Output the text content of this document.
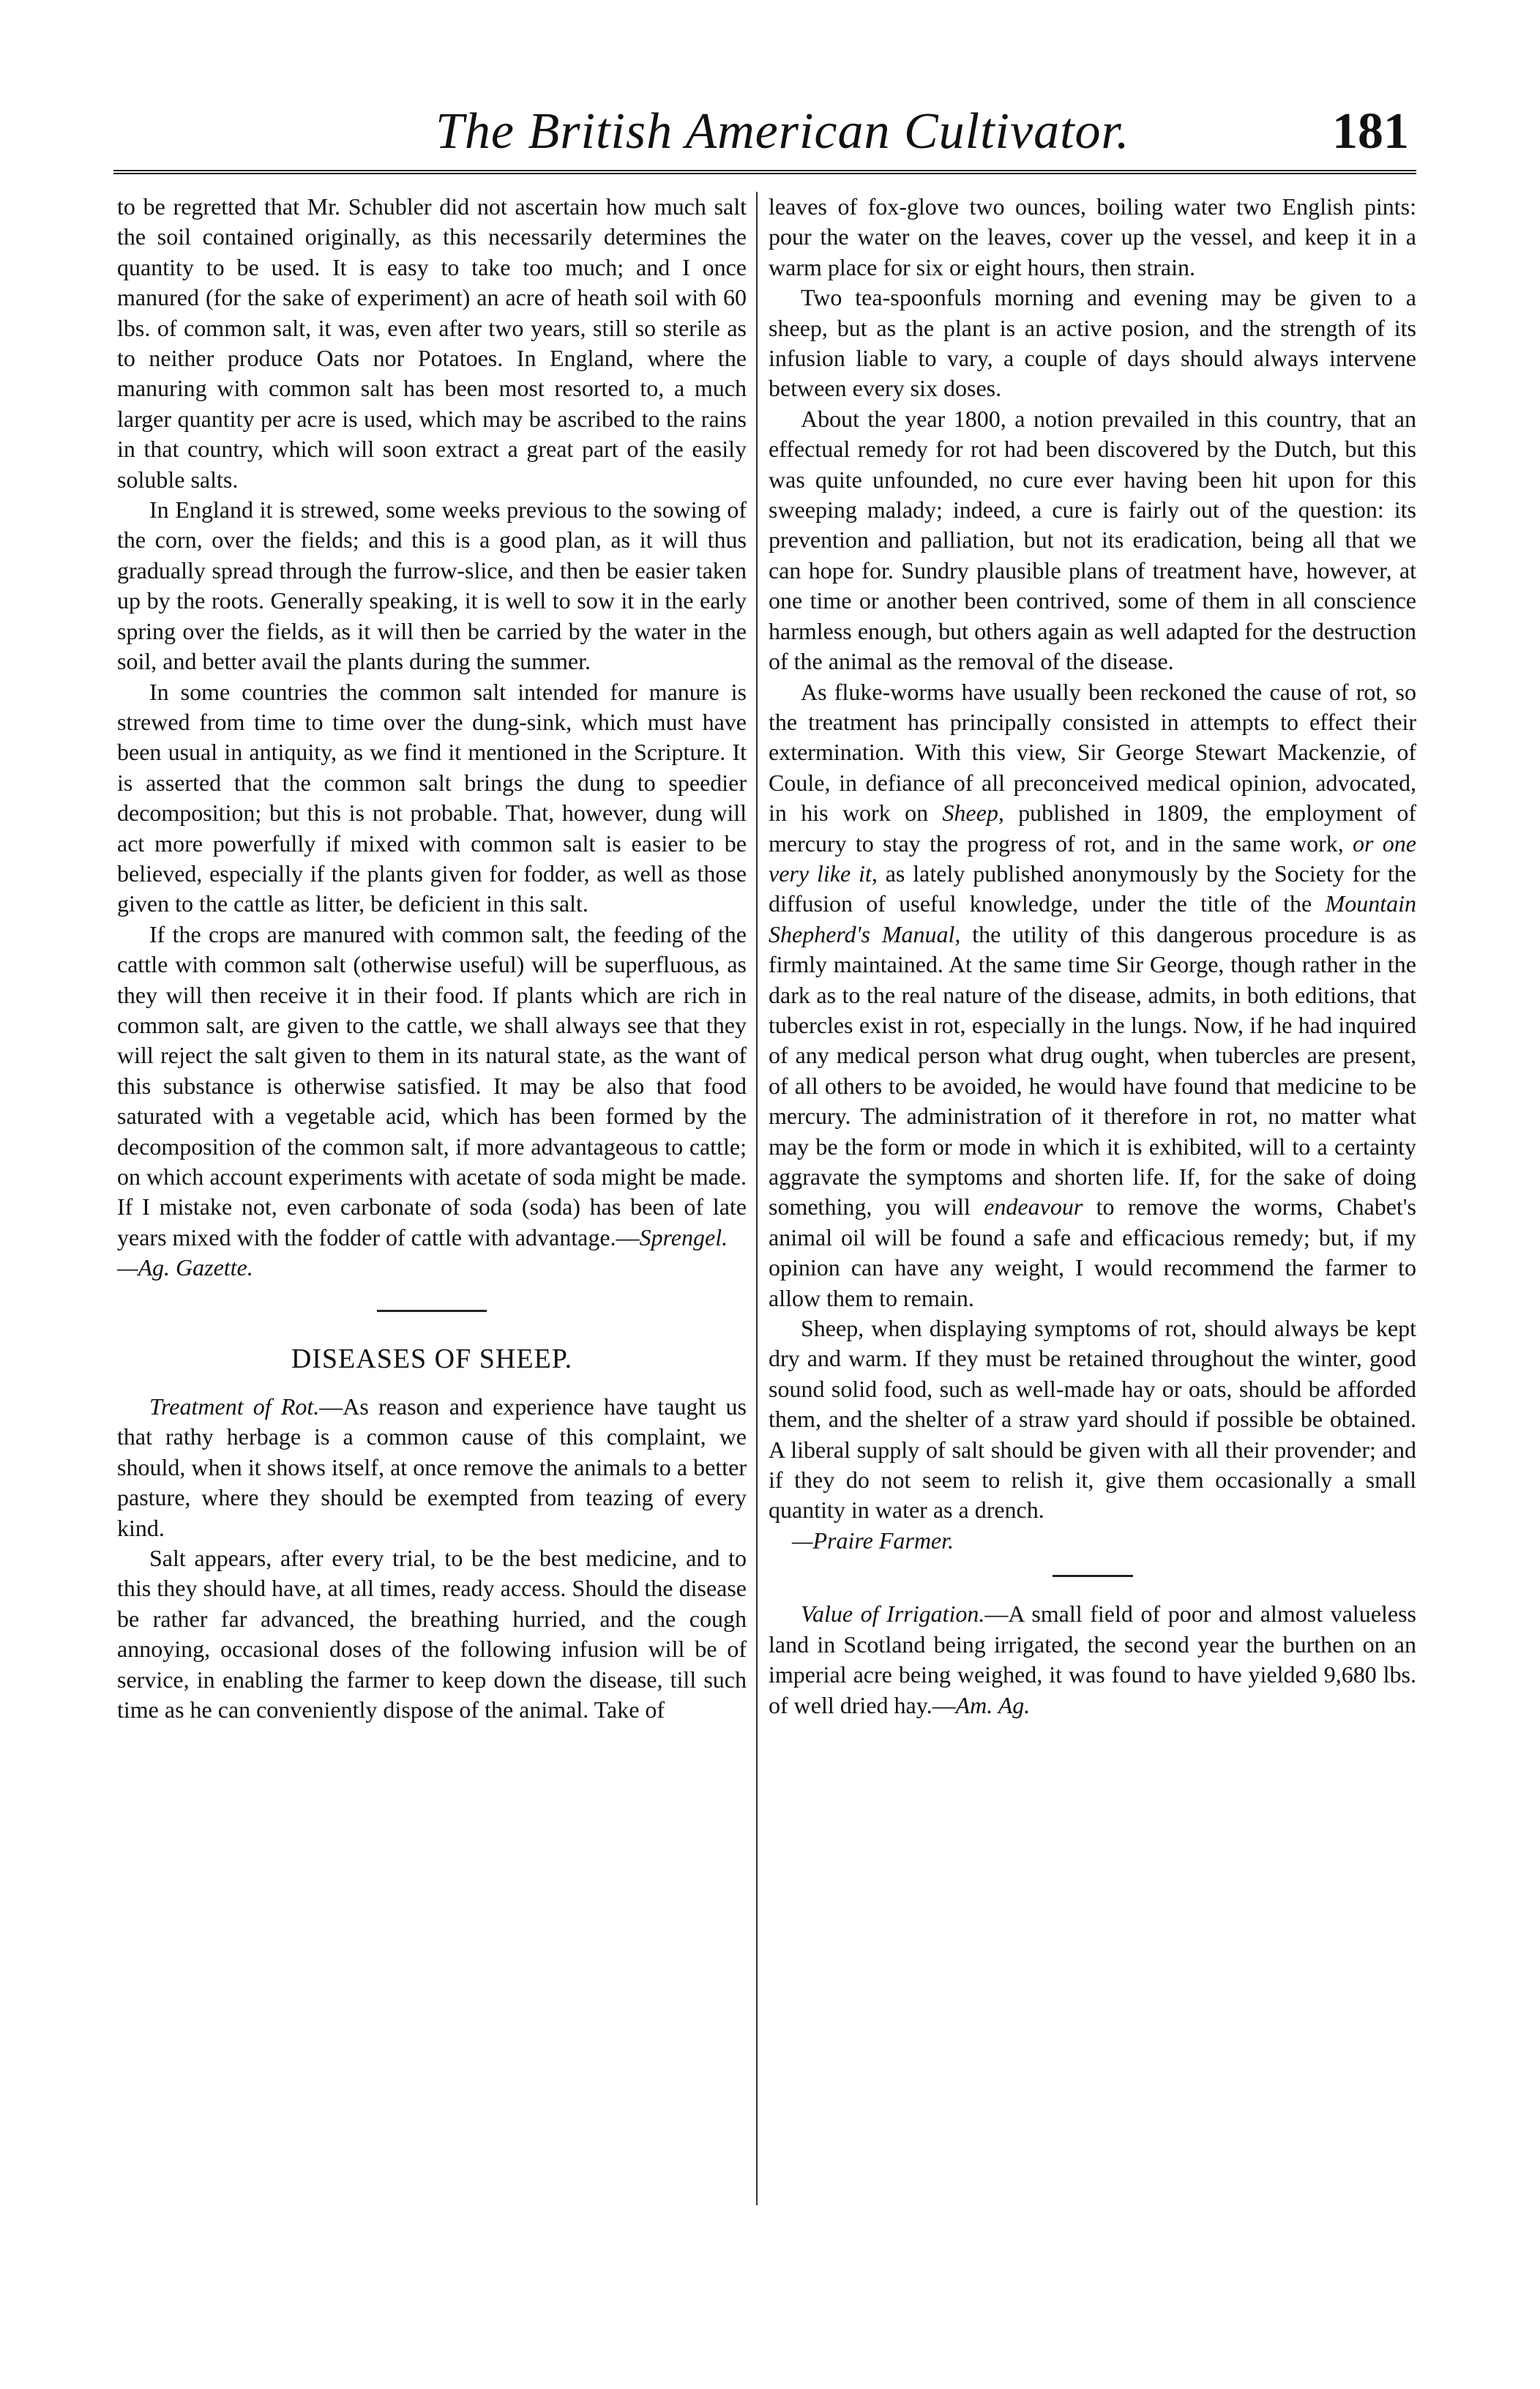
The British American Cultivator.	181

to be regretted that Mr. Schubler did not ascertain how much salt the soil contained originally, as this necessarily determines the quantity to be used. It is easy to take too much; and I once manured (for the sake of experiment) an acre of heath soil with 60 lbs. of common salt, it was, even after two years, still so sterile as to neither produce Oats nor Potatoes. In England, where the manuring with common salt has been most resorted to, a much larger quantity per acre is used, which may be ascribed to the rains in that country, which will soon extract a great part of the easily soluble salts.

In England it is strewed, some weeks previous to the sowing of the corn, over the fields; and this is a good plan, as it will thus gradually spread through the furrow-slice, and then be easier taken up by the roots. Generally speaking, it is well to sow it in the early spring over the fields, as it will then be carried by the water in the soil, and better avail the plants during the summer.

In some countries the common salt intended for manure is strewed from time to time over the dung-sink, which must have been usual in antiquity, as we find it mentioned in the Scripture. It is asserted that the common salt brings the dung to speedier decomposition; but this is not probable. That, however, dung will act more powerfully if mixed with common salt is easier to be believed, especially if the plants given for fodder, as well as those given to the cattle as litter, be deficient in this salt.

If the crops are manured with common salt, the feeding of the cattle with common salt (otherwise useful) will be superfluous, as they will then receive it in their food. If plants which are rich in common salt, are given to the cattle, we shall always see that they will reject the salt given to them in its natural state, as the want of this substance is otherwise satisfied. It may be also that food saturated with a vegetable acid, which has been formed by the decomposition of the common salt, if more advantageous to cattle; on which account experiments with acetate of soda might be made. If I mistake not, even carbonate of soda (soda) has been of late years mixed with the fodder of cattle with advantage.—Sprengel.

—Ag. Gazette.

DISEASES OF SHEEP.

Treatment of Rot.—As reason and experience have taught us that rathy herbage is a common cause of this complaint, we should, when it shows itself, at once remove the animals to a better pasture, where they should be exempted from teazing of every kind.

Salt appears, after every trial, to be the best medicine, and to this they should have, at all times, ready access. Should the disease be rather far advanced, the breathing hurried, and the cough annoying, occasional doses of the following infusion will be of service, in enabling the farmer to keep down the disease, till such time as he can conveniently dispose of the animal. Take of

leaves of fox-glove two ounces, boiling water two English pints: pour the water on the leaves, cover up the vessel, and keep it in a warm place for six or eight hours, then strain.

Two tea-spoonfuls morning and evening may be given to a sheep, but as the plant is an active posion, and the strength of its infusion liable to vary, a couple of days should always intervene between every six doses.

About the year 1800, a notion prevailed in this country, that an effectual remedy for rot had been discovered by the Dutch, but this was quite unfounded, no cure ever having been hit upon for this sweeping malady; indeed, a cure is fairly out of the question: its prevention and palliation, but not its eradication, being all that we can hope for. Sundry plausible plans of treatment have, however, at one time or another been contrived, some of them in all conscience harmless enough, but others again as well adapted for the destruction of the animal as the removal of the disease.

As fluke-worms have usually been reckoned the cause of rot, so the treatment has principally consisted in attempts to effect their extermination. With this view, Sir George Stewart Mackenzie, of Coule, in defiance of all preconceived medical opinion, advocated, in his work on Sheep, published in 1809, the employment of mercury to stay the progress of rot, and in the same work, or one very like it, as lately published anonymously by the Society for the diffusion of useful knowledge, under the title of the Mountain Shepherd's Manual, the utility of this dangerous procedure is as firmly maintained. At the same time Sir George, though rather in the dark as to the real nature of the disease, admits, in both editions, that tubercles exist in rot, especially in the lungs. Now, if he had inquired of any medical person what drug ought, when tubercles are present, of all others to be avoided, he would have found that medicine to be mercury. The administration of it therefore in rot, no matter what may be the form or mode in which it is exhibited, will to a certainty aggravate the symptoms and shorten life. If, for the sake of doing something, you will endeavour to remove the worms, Chabet's animal oil will be found a safe and efficacious remedy; but, if my opinion can have any weight, I would recommend the farmer to allow them to remain.

Sheep, when displaying symptoms of rot, should always be kept dry and warm. If they must be retained throughout the winter, good sound solid food, such as well-made hay or oats, should be afforded them, and the shelter of a straw yard should if possible be obtained. A liberal supply of salt should be given with all their provender; and if they do not seem to relish it, give them occasionally a small quantity in water as a drench.

—Praire Farmer.

Value of Irrigation.—A small field of poor and almost valueless land in Scotland being irrigated, the second year the burthen on an imperial acre being weighed, it was found to have yielded 9,680 lbs. of well dried hay.—Am. Ag.
